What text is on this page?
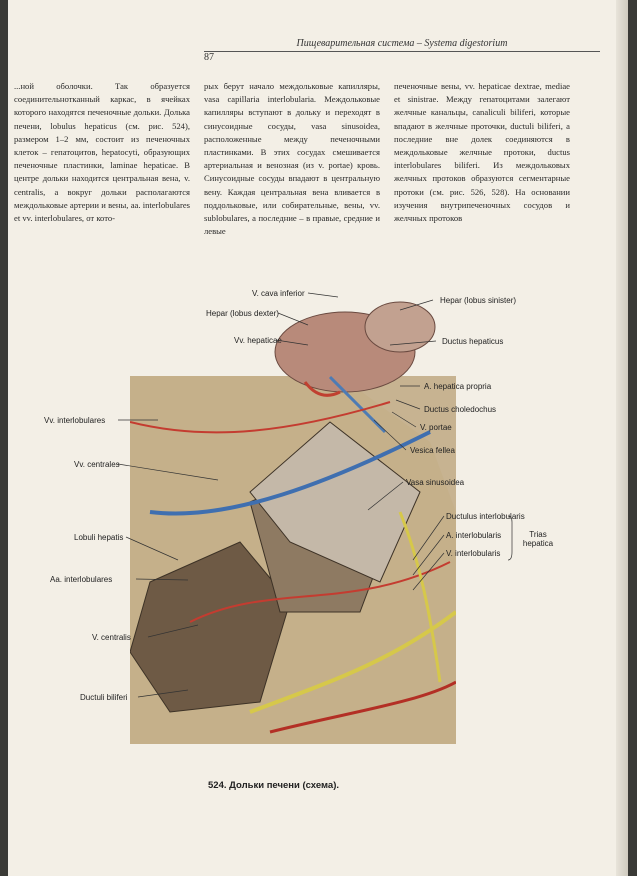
Пищеварительная система – Systema digestorium
87

...ной оболочки. Так образуется соединительнотканный каркас, в ячейках которого находятся печеночные дольки. Долька печени, lobulus hepaticus (см. рис. 524), размером 1–2 мм, состоит из печеночных клеток – гепатоцитов, hepatocyti, образующих печеночные пластинки, laminae hepaticae. В центре дольки находится центральная вена, v. centralis, а вокруг дольки располагаются междольковые артерии и вены, aa. interlobulares et vv. interlobulares, от кото-

рых берут начало междольковые капилляры, vasa capillaria interlobularia. Междольковые капилляры вступают в дольку и переходят в синусоидные сосуды, vasa sinusoidea, расположенные между печеночными пластинками. В этих сосудах смешивается артериальная и венозная (из v. portae) кровь. Синусоидные сосуды впадают в центральную вену. Каждая центральная вена вливается в поддольковые, или собирательные, вены, vv. sublobulares, а последние – в правые, средние и левые

печеночные вены, vv. hepaticae dextrae, mediae et sinistrae. Между гепатоцитами залегают желчные канальцы, canaliculi biliferi, которые впадают в желчные проточки, ductuli biliferi, а последние вне долек соединяются в междольковые желчные протоки, ductus interlobulares biliferi. Из междольковых желчных протоков образуются сегментарные протоки (см. рис. 526, 528). На основании изучения внутрипеченочных сосудов и желчных протоков

V. cava inferior
Hepar (lobus dexter)
Hepar (lobus sinister)
Vv. hepaticae	Ductus hepaticus
A. hepatica propria
Ductus choledochus
V. portae
Vesica fellea
Vv. interlobulares
Vv. centrales
Vasa sinusoidea
Ductulus interlobularis
A. interlobularis
V. interlobularis
Trias hepatica
Lobuli hepatis
Aa. interlobulares
V. centralis
Ductuli biliferi
524. Дольки печени (схема).
